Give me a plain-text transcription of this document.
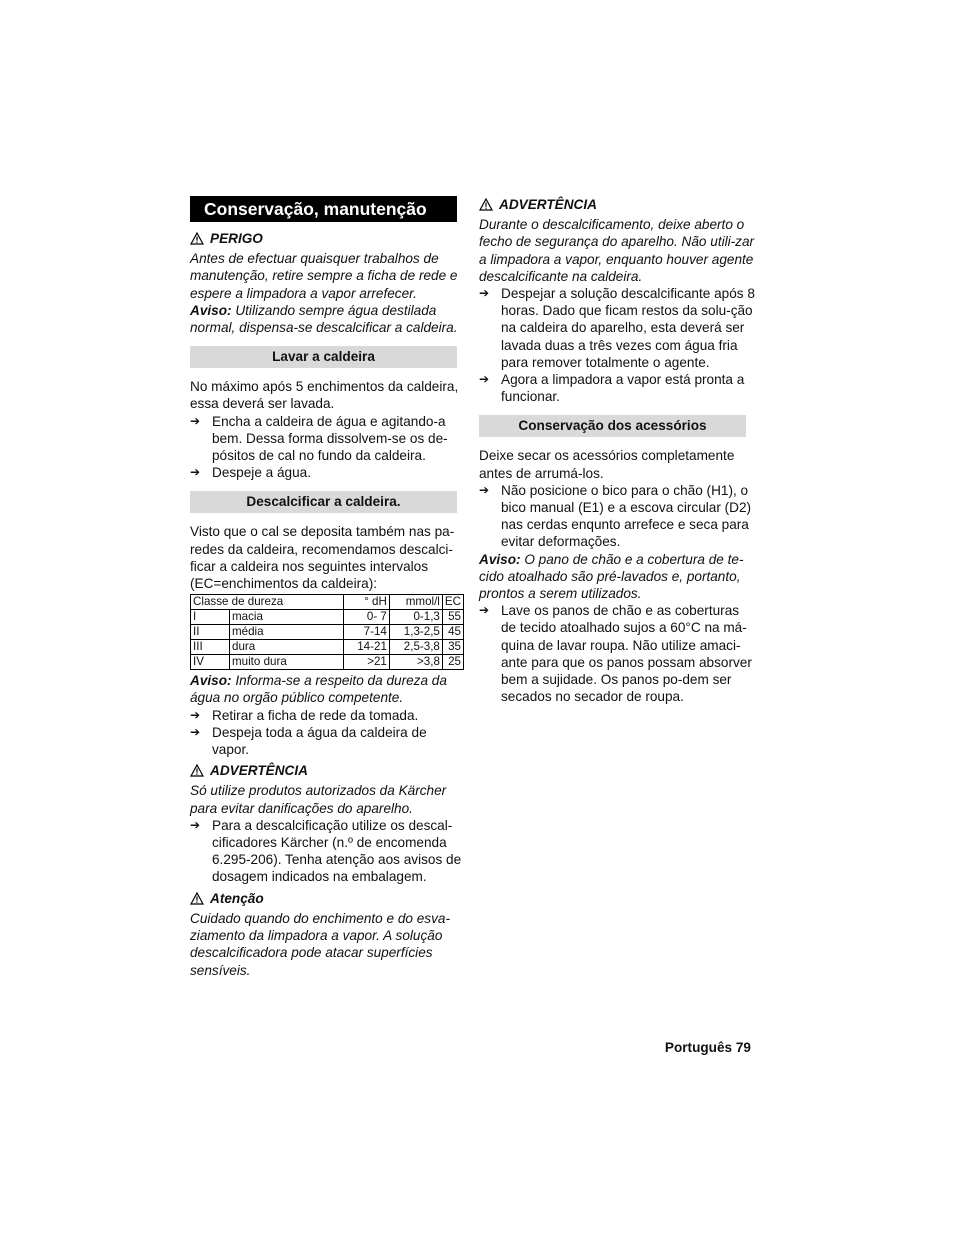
Conservação, manutenção
PERIGO

Antes de efectuar quaisquer trabalhos de manutenção, retire sempre a ficha de rede e espere a limpadora a vapor arrefecer.

Aviso: Utilizando sempre água destilada normal, dispensa-se descalcificar a caldeira.

Lavar a caldeira

No máximo após 5 enchimentos da caldeira, essa deverá ser lavada.

➔ Encha a caldeira de água e agitando-a bem. Dessa forma dissolvem-se os de-pósitos de cal no fundo da caldeira.
➔ Despeje a água.
Descalcificar a caldeira.

Visto que o cal se deposita também nas pa-redes da caldeira, recomendamos descalci-ficar a caldeira nos seguintes intervalos (EC=enchimentos da caldeira):

Classe de dureza		° dH	mmol/l	EC
I	macia	0- 7	0-1,3	55
II	média	7-14	1,3-2,5	45
III	dura	14-21	2,5-3,8	35
IV	muito dura	>21	>3,8	25

Aviso: Informa-se a respeito da dureza da água no orgão público competente.

➔ Retirar a ficha de rede da tomada.
➔ Despeja toda a água da caldeira de vapor.
ADVERTÊNCIA

Só utilize produtos autorizados da Kärcher para evitar danificações do aparelho.

➔ Para a descalcificação utilize os descal-cificadores Kärcher (n.º de encomenda 6.295-206). Tenha atenção aos avisos de dosagem indicados na embalagem.
Atenção

Cuidado quando do enchimento e do esva-ziamento da limpadora a vapor. A solução descalcificadora pode atacar superfícies sensíveis.

ADVERTÊNCIA

Durante o descalcificamento, deixe aberto o fecho de segurança do aparelho. Não utili-zar a limpadora a vapor, enquanto houver agente descalcificante na caldeira.

➔ Despejar a solução descalcificante após 8 horas. Dado que ficam restos da solu-ção na caldeira do aparelho, esta deverá ser lavada duas a três vezes com água fria para remover totalmente o agente.
➔ Agora a limpadora a vapor está pronta a funcionar.
Conservação dos acessórios

Deixe secar os acessórios completamente antes de arrumá-los.

➔ Não posicione o bico para o chão (H1), o bico manual (E1) e a escova circular (D2) nas cerdas enqunto arrefece e seca para evitar deformações.

Aviso: O pano de chão e a cobertura de te-cido atoalhado são pré-lavados e, portanto, prontos a serem utilizados.

➔ Lave os panos de chão e as coberturas de tecido atoalhado sujos a 60°C na má-quina de lavar roupa. Não utilize amaci-ante para que os panos possam absorver bem a sujidade. Os panos po-dem ser secados no secador de roupa.
Português 79
